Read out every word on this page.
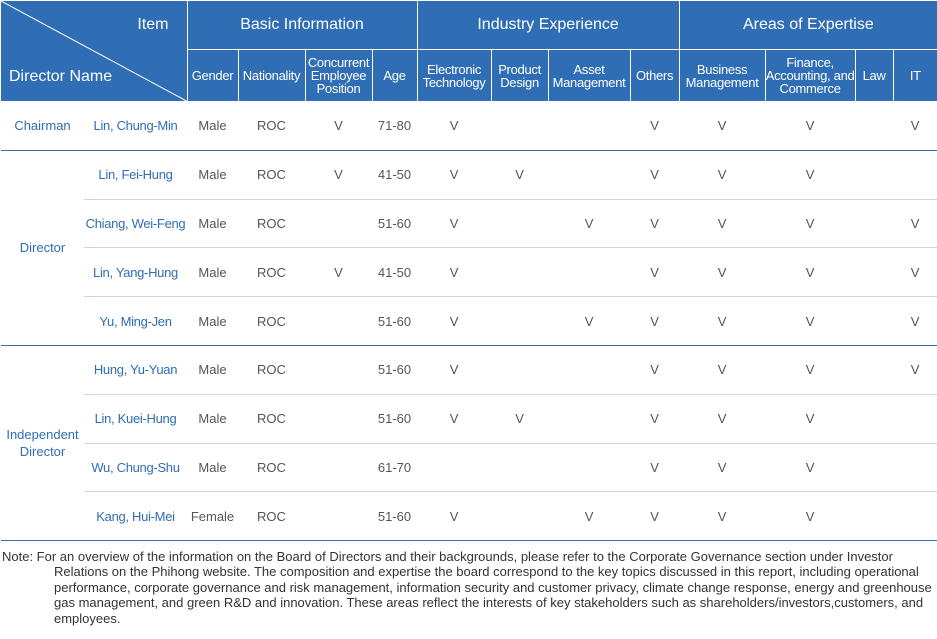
Item
Director Name		Basic Information				Industry Experience				Areas of Expertise			
		Gender	Nationality	Concurrent Employee Position	Age	Electronic Technology	Product Design	Asset Management	Others	Business Management	Finance, Accounting, and Commerce	Law	IT
Chairman	Lin, Chung-Min	Male	ROC	V	71-80	V			V	V	V		V
Director	Lin, Fei-Hung	Male	ROC	V	41-50	V	V		V	V	V		
	Chiang, Wei-Feng	Male	ROC		51-60	V		V	V	V	V		V
	Lin, Yang-Hung	Male	ROC	V	41-50	V			V	V	V		V
	Yu, Ming-Jen	Male	ROC		51-60	V		V	V	V	V		V
Independent Director	Hung, Yu-Yuan	Male	ROC		51-60	V			V	V	V		V
	Lin, Kuei-Hung	Male	ROC		51-60	V	V		V	V	V		
	Wu, Chung-Shu	Male	ROC		61-70				V	V	V		
	Kang, Hui-Mei	Female	ROC		51-60	V		V	V	V	V		
Note: For an overview of the information on the Board of Directors and their backgrounds, please refer to the Corporate Governance section under Investor Relations on the Phihong website. The composition and expertise the board correspond to the key topics discussed in this report, including operational performance, corporate governance and risk management, information security and customer privacy, climate change response, energy and greenhouse gas management, and green R&D and innovation. These areas reflect the interests of key stakeholders such as shareholders/investors,customers, and employees.
